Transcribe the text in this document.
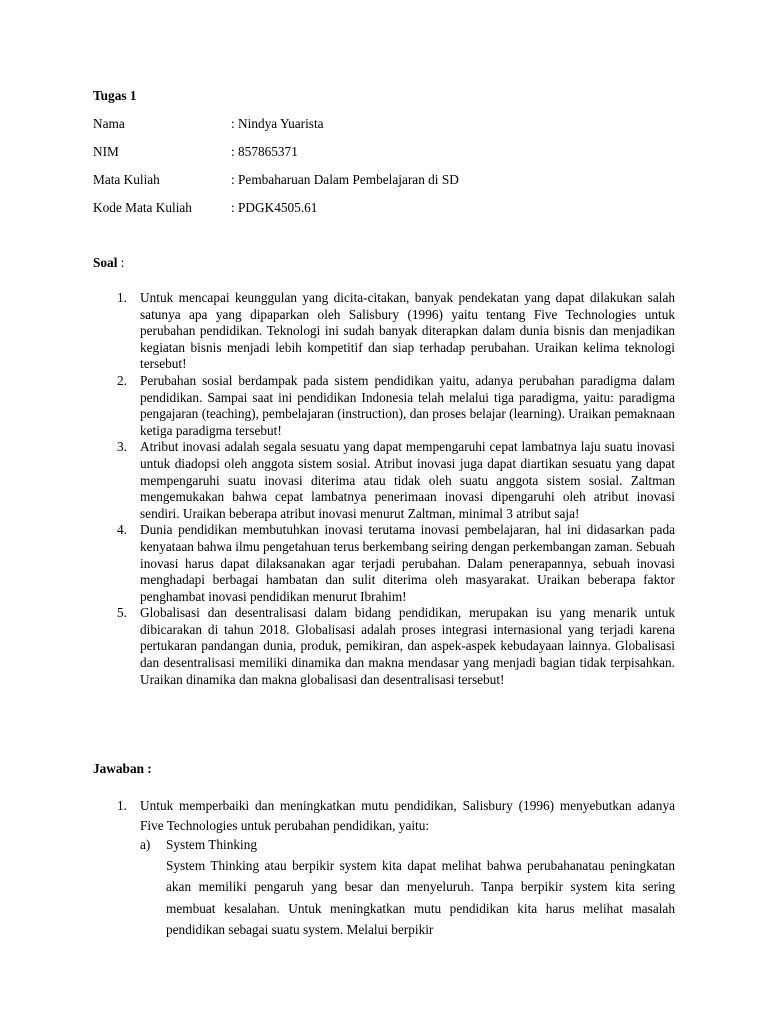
Tugas 1
Nama	: Nindya Yuarista
NIM	: 857865371
Mata Kuliah	: Pembaharuan Dalam Pembelajaran di SD
Kode Mata Kuliah	: PDGK4505.61
Soal :
1. Untuk mencapai keunggulan yang dicita-citakan, banyak pendekatan yang dapat dilakukan salah satunya apa yang dipaparkan oleh Salisbury (1996) yaitu tentang Five Technologies untuk perubahan pendidikan. Teknologi ini sudah banyak diterapkan dalam dunia bisnis dan menjadikan kegiatan bisnis menjadi lebih kompetitif dan siap terhadap perubahan. Uraikan kelima teknologi tersebut!
2. Perubahan sosial berdampak pada sistem pendidikan yaitu, adanya perubahan paradigma dalam pendidikan. Sampai saat ini pendidikan Indonesia telah melalui tiga paradigma, yaitu: paradigma pengajaran (teaching), pembelajaran (instruction), dan proses belajar (learning). Uraikan pemaknaan ketiga paradigma tersebut!
3. Atribut inovasi adalah segala sesuatu yang dapat mempengaruhi cepat lambatnya laju suatu inovasi untuk diadopsi oleh anggota sistem sosial. Atribut inovasi juga dapat diartikan sesuatu yang dapat mempengaruhi suatu inovasi diterima atau tidak oleh suatu anggota sistem sosial. Zaltman mengemukakan bahwa cepat lambatnya penerimaan inovasi dipengaruhi oleh atribut inovasi sendiri. Uraikan beberapa atribut inovasi menurut Zaltman, minimal 3 atribut saja!
4. Dunia pendidikan membutuhkan inovasi terutama inovasi pembelajaran, hal ini didasarkan pada kenyataan bahwa ilmu pengetahuan terus berkembang seiring dengan perkembangan zaman. Sebuah inovasi harus dapat dilaksanakan agar terjadi perubahan. Dalam penerapannya, sebuah inovasi menghadapi berbagai hambatan dan sulit diterima oleh masyarakat. Uraikan beberapa faktor penghambat inovasi pendidikan menurut Ibrahim!
5. Globalisasi dan desentralisasi dalam bidang pendidikan, merupakan isu yang menarik untuk dibicarakan di tahun 2018. Globalisasi adalah proses integrasi internasional yang terjadi karena pertukaran pandangan dunia, produk, pemikiran, dan aspek-aspek kebudayaan lainnya. Globalisasi dan desentralisasi memiliki dinamika dan makna mendasar yang menjadi bagian tidak terpisahkan. Uraikan dinamika dan makna globalisasi dan desentralisasi tersebut!
Jawaban :
1. Untuk memperbaiki dan meningkatkan mutu pendidikan, Salisbury (1996) menyebutkan adanya Five Technologies untuk perubahan pendidikan, yaitu:
a) System Thinking
System Thinking atau berpikir system kita dapat melihat bahwa perubahanatau peningkatan akan memiliki pengaruh yang besar dan menyeluruh. Tanpa berpikir system kita sering membuat kesalahan. Untuk meningkatkan mutu pendidikan kita harus melihat masalah pendidikan sebagai suatu system. Melalui berpikir
